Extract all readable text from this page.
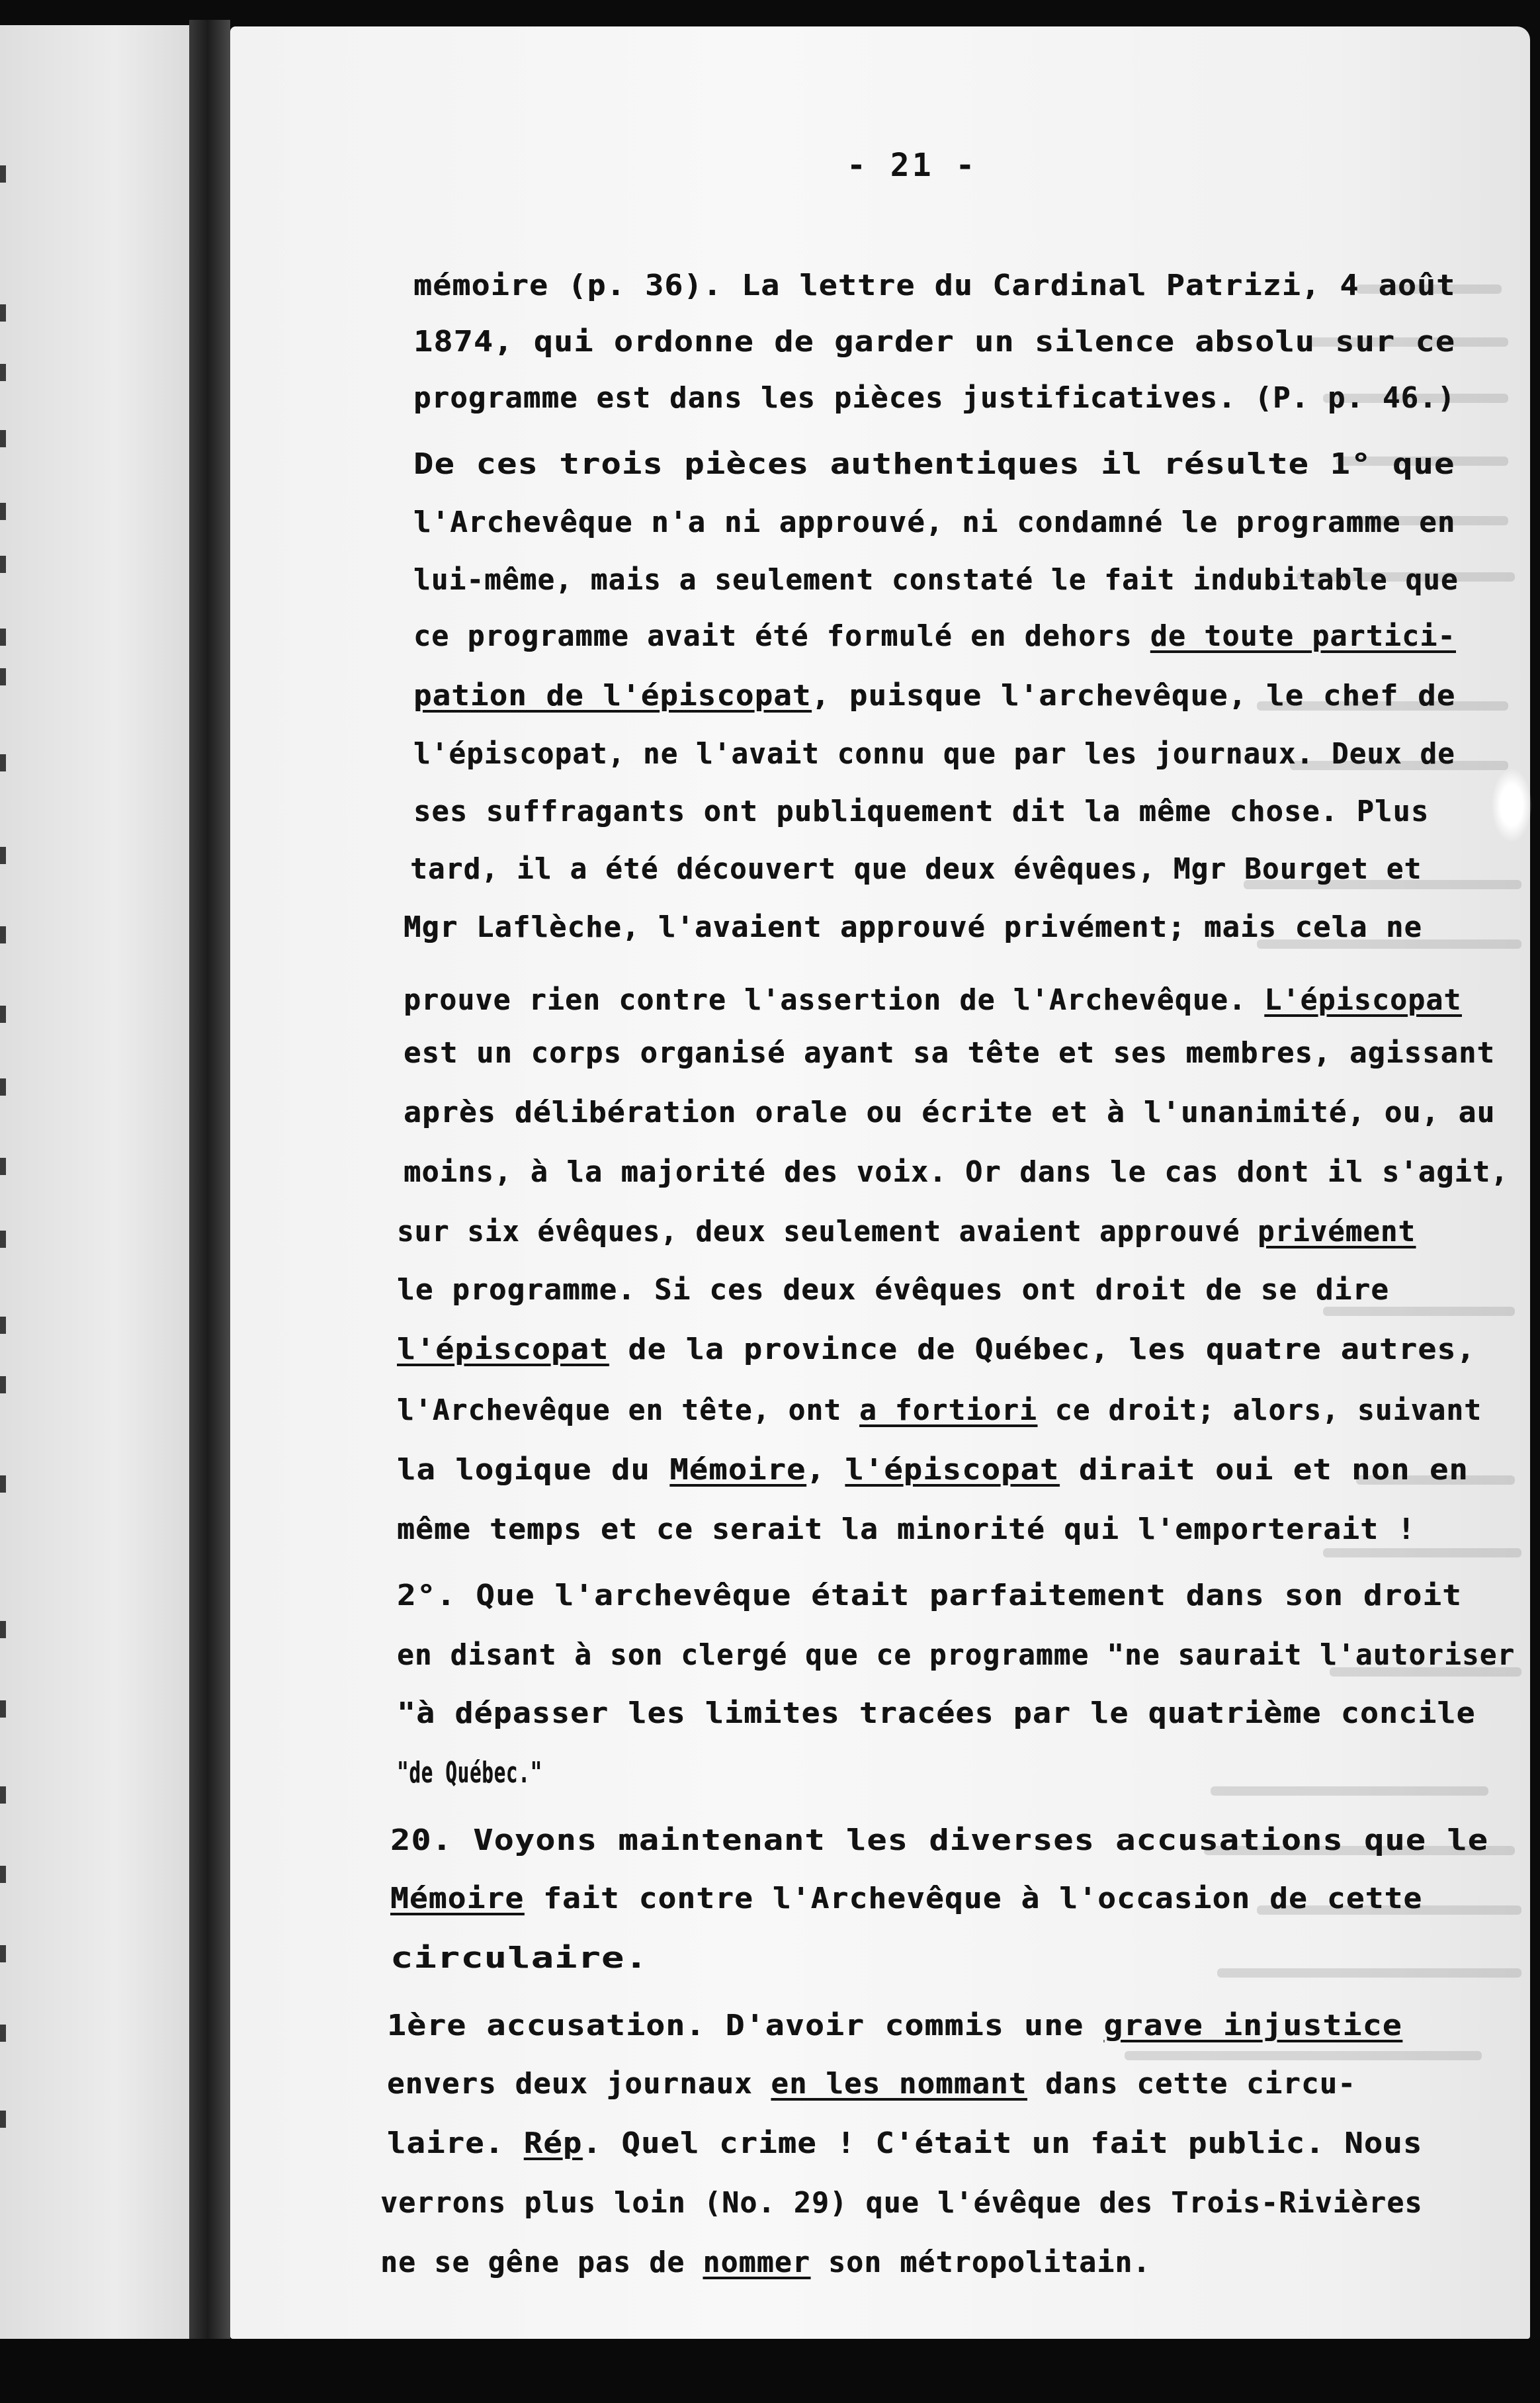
- 21 -
mémoire (p. 36). La lettre du Cardinal Patrizi, 4 août
1874, qui ordonne de garder un silence absolu sur ce
programme est dans les pièces justificatives. (P. p. 46.)
De ces trois pièces authentiques il résulte 1° que
l'Archevêque n'a ni approuvé, ni condamné le programme en
lui-même, mais a seulement constaté le fait indubitable que
ce programme avait été formulé en dehors de toute partici-
pation de l'épiscopat, puisque l'archevêque, le chef de
l'épiscopat, ne l'avait connu que par les journaux. Deux de
ses suffragants ont publiquement dit la même chose. Plus
tard, il a été découvert que deux évêques, Mgr Bourget et
Mgr Laflèche, l'avaient approuvé privément; mais cela ne
prouve rien contre l'assertion de l'Archevêque. L'épiscopat
est un corps organisé ayant sa tête et ses membres, agissant
après délibération orale ou écrite et à l'unanimité, ou, au
moins, à la majorité des voix. Or dans le cas dont il s'agit,
sur six évêques, deux seulement avaient approuvé privément
le programme. Si ces deux évêques ont droit de se dire
l'épiscopat de la province de Québec, les quatre autres,
l'Archevêque en tête, ont a fortiori ce droit; alors, suivant
la logique du Mémoire, l'épiscopat dirait oui et non en
même temps et ce serait la minorité qui l'emporterait !
2°. Que l'archevêque était parfaitement dans son droit
en disant à son clergé que ce programme "ne saurait l'autoriser
"à dépasser les limites tracées par le quatrième concile
"de Québec."
20. Voyons maintenant les diverses accusations que le
Mémoire fait contre l'Archevêque à l'occasion de cette
circulaire.
1ère accusation. D'avoir commis une grave injustice
envers deux journaux en les nommant dans cette circu-
laire. Rép. Quel crime ! C'était un fait public. Nous
verrons plus loin (No. 29) que l'évêque des Trois-Rivières
ne se gêne pas de nommer son métropolitain.
